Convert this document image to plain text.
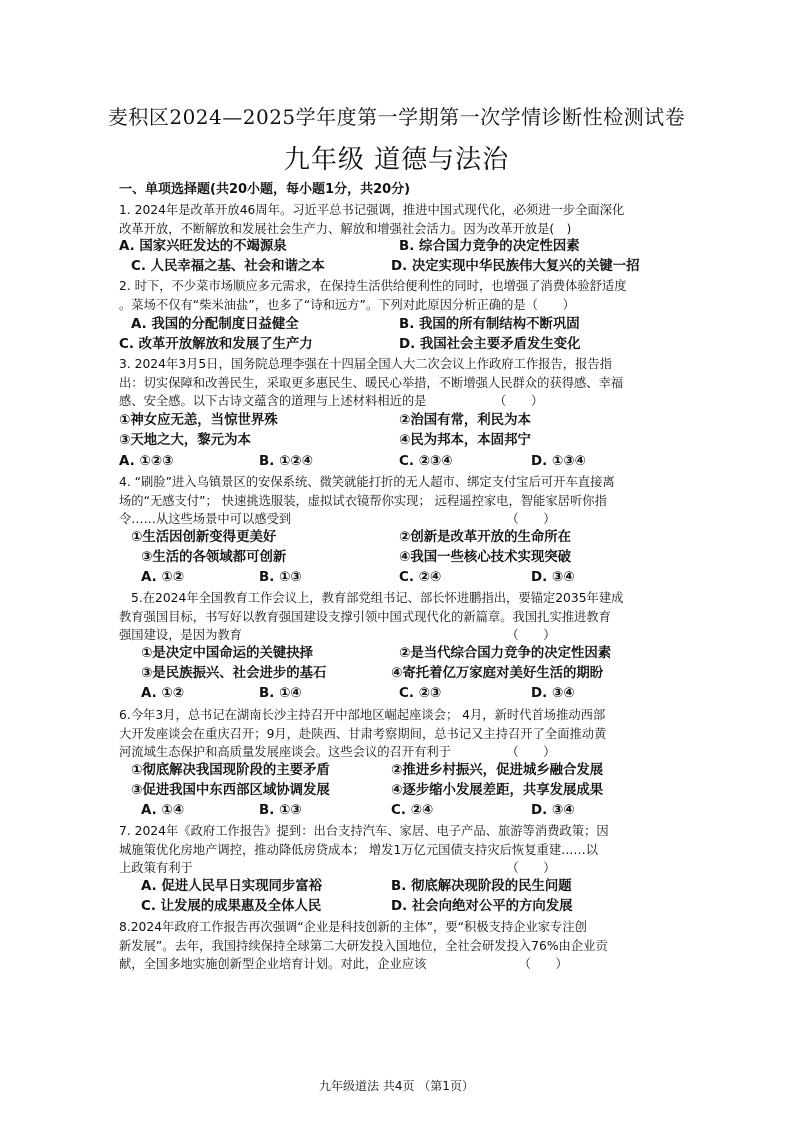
麦积区2024—2025学年度第一学期第一次学情诊断性检测试卷
九年级 道德与法治
一、单项选择题(共20小题，每小题1分，共20分)
1. 2024年是改革开放46周年。习近平总书记强调，推进中国式现代化，必须进一步全面深化
改革开放，不断解放和发展社会生产力、解放和增强社会活力。因为改革开放是(　)
A. 国家兴旺发达的不竭源泉	B. 综合国力竞争的决定性因素
C. 人民幸福之基、社会和谐之本	D. 决定实现中华民族伟大复兴的关键一招
2. 时下，不少菜市场顺应多元需求，在保持生活供给便利性的同时，也增强了消费体验舒适度
。菜场不仅有“柴米油盐”，也多了“诗和远方”。下列对此原因分析正确的是（　　）
A. 我国的分配制度日益健全	B. 我国的所有制结构不断巩固
C. 改革开放解放和发展了生产力	D. 我国社会主要矛盾发生变化
3. 2024年3月5日，国务院总理李强在十四届全国人大二次会议上作政府工作报告，报告指
出：切实保障和改善民生，采取更多惠民生、暖民心举措，不断增强人民群众的获得感、幸福
感、安全感。以下古诗文蕴含的道理与上述材料相近的是　　　　　　（　　）
①神女应无恙，当惊世界殊	②治国有常，利民为本
③天地之大，黎元为本	④民为邦本，本固邦宁
A. ①②③	B. ①②④	C. ②③④	D. ①③④
4. “刷脸”进入乌镇景区的安保系统、微笑就能打折的无人超市、绑定支付宝后可开车直接离
场的“无感支付”； 快速挑选服装，虚拟试衣镜帮你实现； 远程遥控家电，智能家居听你指
令……从这些场景中可以感受到　　　　　　　　　　　　　　　　　　（　　）
①生活因创新变得更美好	②创新是改革开放的生命所在
③生活的各领域都可创新	④我国一些核心技术实现突破
A. ①②	B. ①③	C. ②④	D. ③④
5.在2024年全国教育工作会议上，教育部党组书记、部长怀进鹏指出，要锚定2035年建成
教育强国目标，书写好以教育强国建设支撑引领中国式现代化的新篇章。我国扎实推进教育
强国建设，是因为教育　　　　　　　　　　　　　　　　　　　　　　（　　）
①是决定中国命运的关键抉择	②是当代综合国力竞争的决定性因素
③是民族振兴、社会进步的基石	④寄托着亿万家庭对美好生活的期盼
A. ①②	B. ①④	C. ②③	D. ③④
6.今年3月，总书记在湖南长沙主持召开中部地区崛起座谈会； 4月，新时代首场推动西部
大开发座谈会在重庆召开；9月，赴陕西、甘肃考察期间，总书记又主持召开了全面推动黄
河流域生态保护和高质量发展座谈会。这些会议的召开有利于　　　　　（　　）
①彻底解决我国现阶段的主要矛盾	②推进乡村振兴，促进城乡融合发展
③促进我国中东西部区域协调发展	④逐步缩小发展差距，共享发展成果
A. ①④	B. ①③	C. ②④	D. ③④
7. 2024年《政府工作报告》提到：出台支持汽车、家居、电子产品、旅游等消费政策；因
城施策优化房地产调控，推动降低房贷成本； 增发1万亿元国债支持灾后恢复重建……以
上政策有利于　　　　　　　　　　　　　　　　　　　　　　　　　　（　　）
A. 促进人民早日实现同步富裕	B. 彻底解决现阶段的民生问题
C. 让发展的成果惠及全体人民	D. 社会向绝对公平的方向发展
8.2024年政府工作报告再次强调“企业是科技创新的主体”，要“积极支持企业家专注创
新发展”。去年，我国持续保持全球第二大研发投入国地位，全社会研发投入76%由企业贡
献，全国多地实施创新型企业培育计划。对此，企业应该　　　　　　　　（　　）
九年级道法 共4页 （第1页）
